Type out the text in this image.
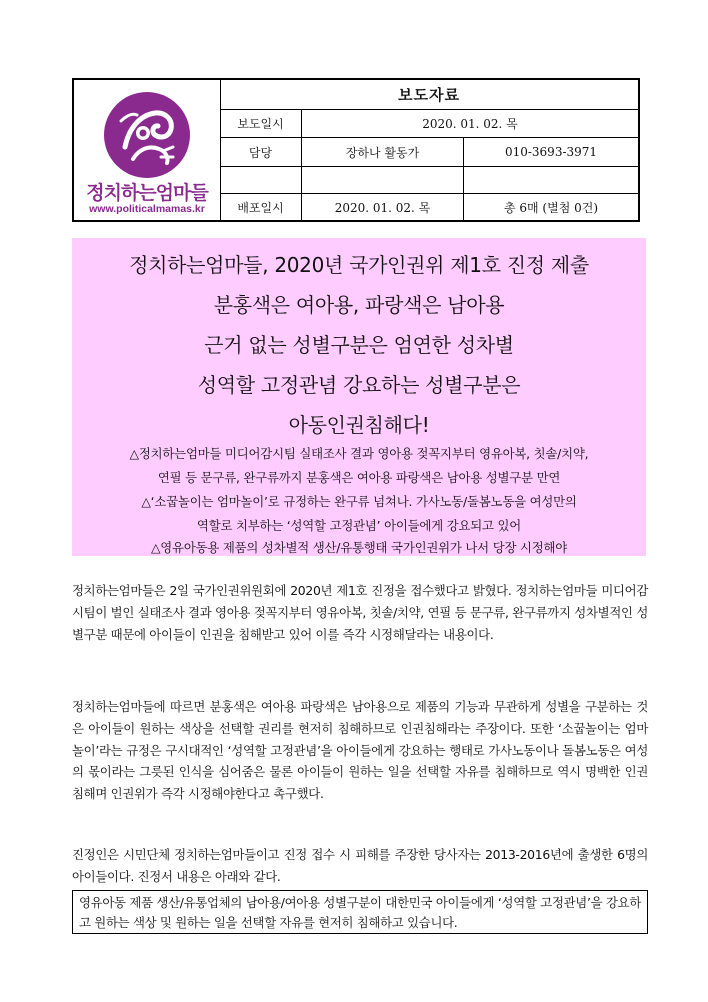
정치하는엄마들
www.politicalmamas.kr
보도자료
보도일시	2020. 01. 02. 목
담당	장하나 활동가	010-3693-3971
배포일시	2020. 01. 02. 목	총 6매 (별첨 0건)
정치하는엄마들, 2020년 국가인권위 제1호 진정 제출
분홍색은 여아용, 파랑색은 남아용
근거 없는 성별구분은 엄연한 성차별
성역할 고정관념 강요하는 성별구분은
아동인권침해다!
△정치하는엄마들 미디어감시팀 실태조사 결과 영아용 젖꼭지부터 영유아복, 칫솔/치약,
연필 등 문구류, 완구류까지 분홍색은 여아용 파랑색은 남아용 성별구분 만연
△‘소꿉놀이는 엄마놀이’로 규정하는 완구류 넘쳐나. 가사노동/돌봄노동을 여성만의
역할로 치부하는 ‘성역할 고정관념’ 아이들에게 강요되고 있어
△영유아동용 제품의 성차별적 생산/유통행태 국가인권위가 나서 당장 시정해야
정치하는엄마들은 2일 국가인권위원회에 2020년 제1호 진정을 접수했다고 밝혔다. 정치하는엄마들 미디어감시팀이 벌인 실태조사 결과 영아용 젖꼭지부터 영유아복, 칫솔/치약, 연필 등 문구류, 완구류까지 성차별적인 성별구분 때문에 아이들이 인권을 침해받고 있어 이를 즉각 시정해달라는 내용이다.
정치하는엄마들에 따르면 분홍색은 여아용 파랑색은 남아용으로 제품의 기능과 무관하게 성별을 구분하는 것은 아이들이 원하는 색상을 선택할 권리를 현저히 침해하므로 인권침해라는 주장이다. 또한 ‘소꿉놀이는 엄마놀이’라는 규정은 구시대적인 ‘성역할 고정관념’을 아이들에게 강요하는 행태로 가사노동이나 돌봄노동은 여성의 몫이라는 그릇된 인식을 심어줌은 물론 아이들이 원하는 일을 선택할 자유를 침해하므로 역시 명백한 인권침해며 인권위가 즉각 시정해야한다고 촉구했다.
진정인은 시민단체 정치하는엄마들이고 진정 접수 시 피해를 주장한 당사자는 2013-2016년에 출생한 6명의 아이들이다. 진정서 내용은 아래와 같다.
영유아동 제품 생산/유통업체의 남아용/여아용 성별구분이 대한민국 아이들에게 ‘성역할 고정관념’을 강요하고 원하는 색상 및 원하는 일을 선택할 자유를 현저히 침해하고 있습니다.
